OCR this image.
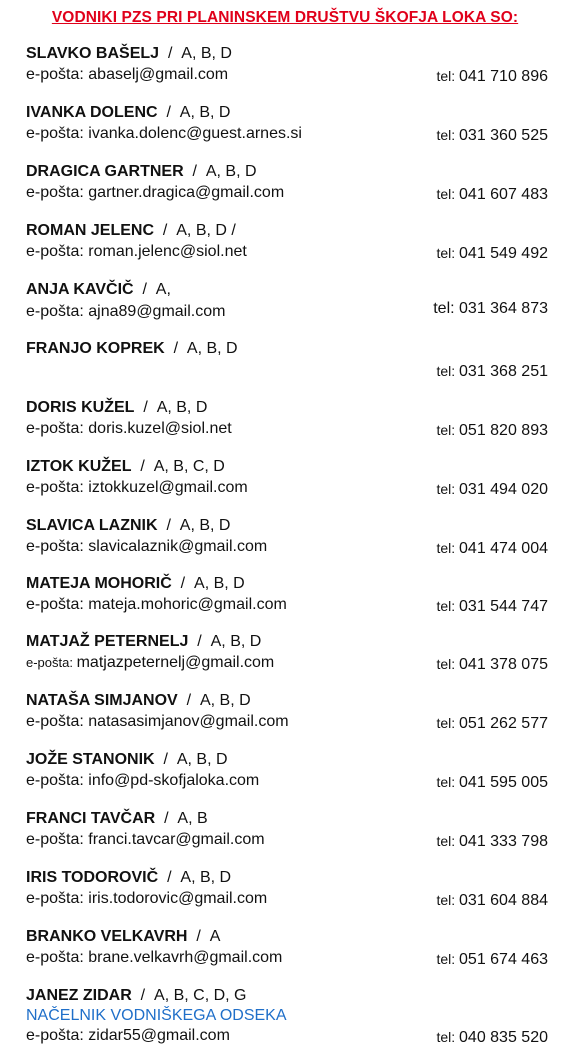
VODNIKI PZS PRI PLANINSKEM DRUŠTVU ŠKOFJA LOKA SO:
SLAVKO BAŠELJ  /  A, B, D
e-pošta: abaselj@gmail.com	tel: 041 710 896
IVANKA DOLENC  /  A, B, D
e-pošta: ivanka.dolenc@guest.arnes.si	tel: 031 360 525
DRAGICA GARTNER  /  A, B, D
e-pošta: gartner.dragica@gmail.com	tel: 041 607 483
ROMAN JELENC  /  A, B, D /
e-pošta: roman.jelenc@siol.net	tel: 041 549 492
ANJA KAVČIČ  /  A,
e-pošta: ajna89@gmail.com	tel: 031 364 873
FRANJO KOPREK  /  A, B, D
tel: 031 368 251
DORIS KUŽEL  /  A, B, D
e-pošta: doris.kuzel@siol.net	tel: 051 820 893
IZTOK KUŽEL  /  A, B, C, D
e-pošta: iztokkuzel@gmail.com	tel: 031 494 020
SLAVICA LAZNIK  /  A, B, D
e-pošta: slavicalaznik@gmail.com	tel: 041 474 004
MATEJA MOHORIČ  /  A, B, D
e-pošta: mateja.mohoric@gmail.com	tel: 031 544 747
MATJAŽ PETERNELJ  /  A, B, D
e-pošta: matjazpeternelj@gmail.com	tel: 041 378 075
NATAŠA SIMJANOV  /  A, B, D
e-pošta: natasasimjanov@gmail.com	tel: 051 262 577
JOŽE STANONIK  /  A, B, D
e-pošta: info@pd-skofjaloka.com	tel: 041 595 005
FRANCI TAVČAR  /  A, B
e-pošta: franci.tavcar@gmail.com	tel: 041 333 798
IRIS TODOROVIČ  /  A, B, D
e-pošta: iris.todorovic@gmail.com	tel: 031 604 884
BRANKO VELKAVRH  /  A
e-pošta: brane.velkavrh@gmail.com	tel: 051 674 463
JANEZ ZIDAR  /  A, B, C, D, G
NAČELNIK VODNIŠKEGA ODSEKA
e-pošta: zidar55@gmail.com	tel: 040 835 520
